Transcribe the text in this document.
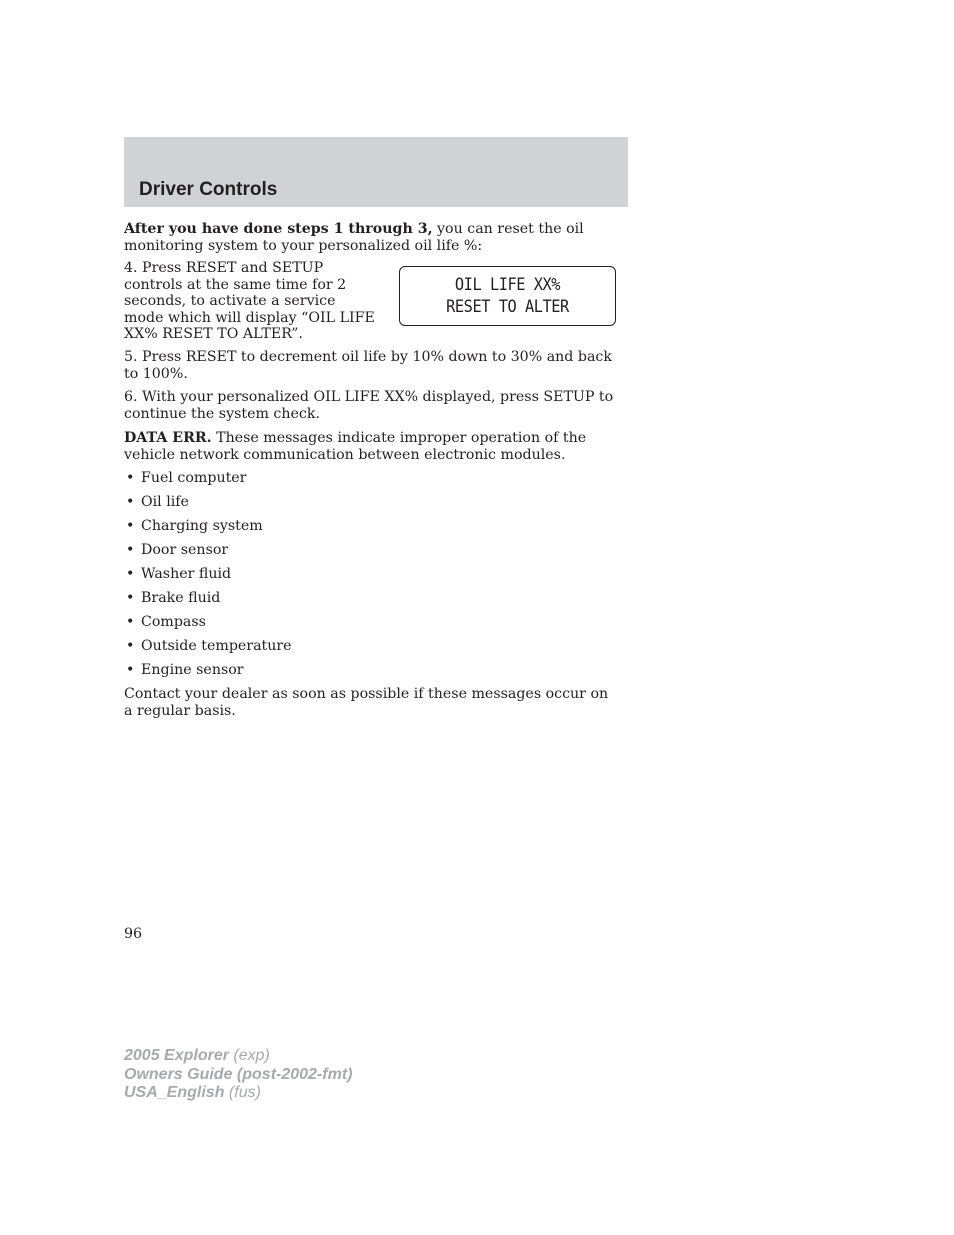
Driver Controls

After you have done steps 1 through 3, you can reset the oil monitoring system to your personalized oil life %:

4. Press RESET and SETUP controls at the same time for 2 seconds, to activate a service mode which will display “OIL LIFE XX% RESET TO ALTER”.

OIL LIFE XX%
RESET TO ALTER

5. Press RESET to decrement oil life by 10% down to 30% and back to 100%.

6. With your personalized OIL LIFE XX% displayed, press SETUP to continue the system check.

DATA ERR. These messages indicate improper operation of the vehicle network communication between electronic modules.

• Fuel computer
• Oil life
• Charging system
• Door sensor
• Washer fluid
• Brake fluid
• Compass
• Outside temperature
• Engine sensor

Contact your dealer as soon as possible if these messages occur on a regular basis.

96

2005 Explorer (exp)
Owners Guide (post-2002-fmt)
USA_English (fus)
